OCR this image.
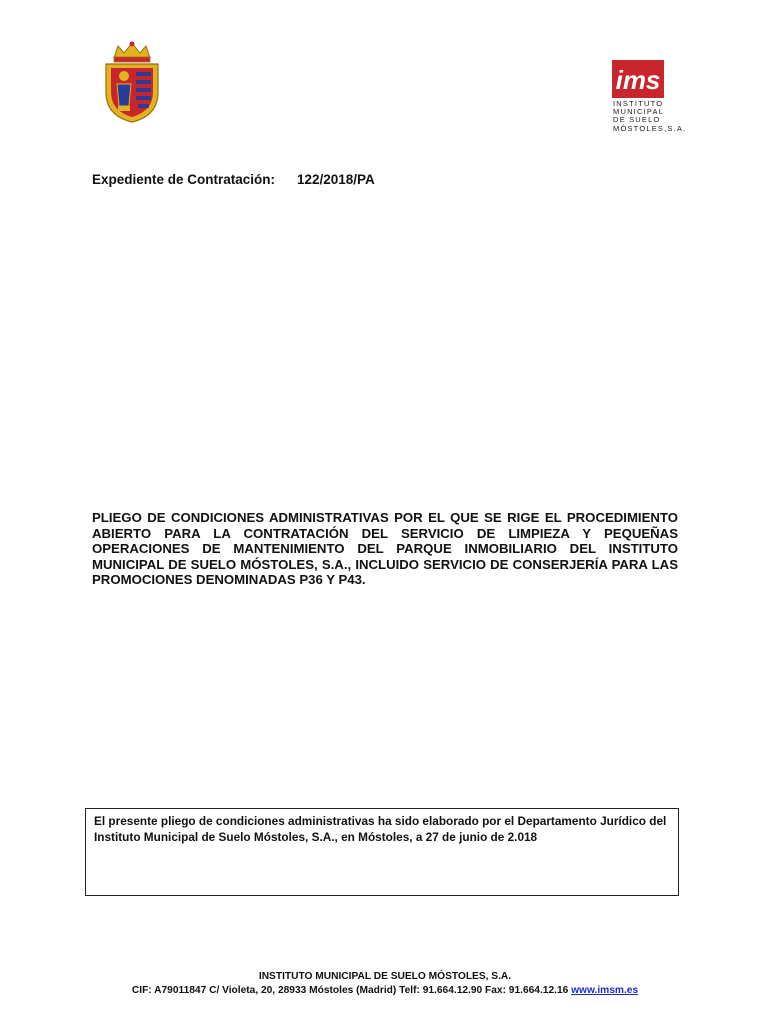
ims
INSTITUTO
MUNICIPAL
DE SUELO
MÓSTOLES,S.A.
Expediente de Contratación: 122/2018/PA
PLIEGO DE CONDICIONES ADMINISTRATIVAS POR EL QUE SE RIGE EL PROCEDIMIENTO ABIERTO PARA LA CONTRATACIÓN DEL SERVICIO DE LIMPIEZA Y PEQUEÑAS OPERACIONES DE MANTENIMIENTO DEL PARQUE INMOBILIARIO DEL INSTITUTO MUNICIPAL DE SUELO MÓSTOLES, S.A., INCLUIDO SERVICIO DE CONSERJERÍA PARA LAS PROMOCIONES DENOMINADAS P36 Y P43.
El presente pliego de condiciones administrativas ha sido elaborado por el Departamento Jurídico del Instituto Municipal de Suelo Móstoles, S.A., en Móstoles, a 27 de junio de 2.018
INSTITUTO MUNICIPAL DE SUELO MÓSTOLES, S.A.
CIF: A79011847 C/ Violeta, 20, 28933 Móstoles (Madrid) Telf: 91.664.12.90 Fax: 91.664.12.16 www.imsm.es
